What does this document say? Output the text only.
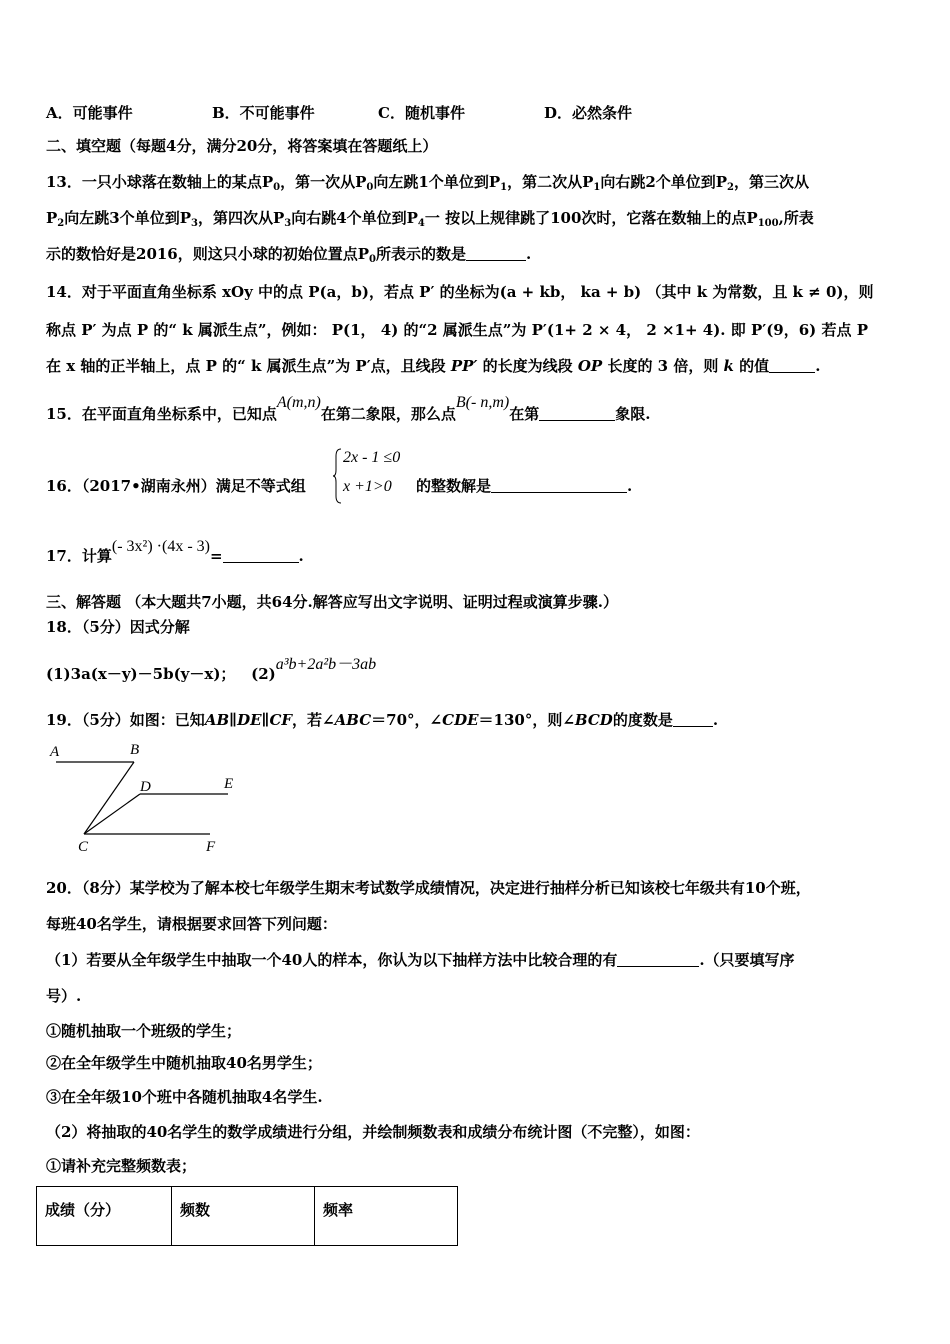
A．可能事件	B．不可能事件	C．随机事件	D．必然条件
二、填空题（每题4分，满分20分，将答案填在答题纸上）
13．一只小球落在数轴上的某点$P_0$，第一次从$P_0$向左跳1个单位到$P_1$，第二次从$P_1$向右跳2个单位到$P_2$，第三次从
$P_2$向左跳3个单位到$P_3$，第四次从$P_3$向右跳4个单位到$P_4$一 按以上规律跳了100次时，它落在数轴上的点$P_{100}$,所表
示的数恰好是2016，则这只小球的初始位置点$P_0$所表示的数是	.
14．对于平面直角坐标系 xOy 中的点 P(a，b)，若点 P′ 的坐标为(a + kb， ka + b) （其中 k 为常数，且 k ≠ 0)，则
称点 P′ 为点 P 的“ k 属派生点”，例如： P(1， 4) 的“2 属派生点”为 P′(1+ 2 × 4， 2 ×1+ 4). 即 P′(9，6) 若点 P
在 x 轴的正半轴上，点 P 的“ k 属派生点”为 P′点，且线段 PP′ 的长度为线段 OP 长度的 3 倍，则 k 的值	.
15．在平面直角坐标系中，已知点A(m,n)在第二象限，那么点B(- n,m)在第	象限.
16．（2017•湖南永州）满足不等式组
2x - 1 ≤0
x +1>0 的整数解是	.
17．计算(- 3x²) ·(4x - 3)=	.
三、解答题 （本大题共7小题，共64分.解答应写出文字说明、证明过程或演算步骤.）
18．（5分）因式分解
(1)3a(x－y)－5b(y－x)； (2)a³b+2a²b－3ab
19．（5分）如图：已知AB∥DE∥CF，若∠ABC＝70°，∠CDE＝130°，则∠BCD的度数是	.
A	B
D	E
C	F
20．（8分）某学校为了解本校七年级学生期末考试数学成绩情况，决定进行抽样分析已知该校七年级共有10个班，
每班40名学生，请根据要求回答下列问题：
（1）若要从全年级学生中抽取一个40人的样本，你认为以下抽样方法中比较合理的有	.（只要填写序
号）.
①随机抽取一个班级的学生；
②在全年级学生中随机抽取40名男学生；
③在全年级10个班中各随机抽取4名学生.
（2）将抽取的40名学生的数学成绩进行分组，并绘制频数表和成绩分布统计图（不完整），如图：
①请补充完整频数表；
成绩（分）	频数	频率
